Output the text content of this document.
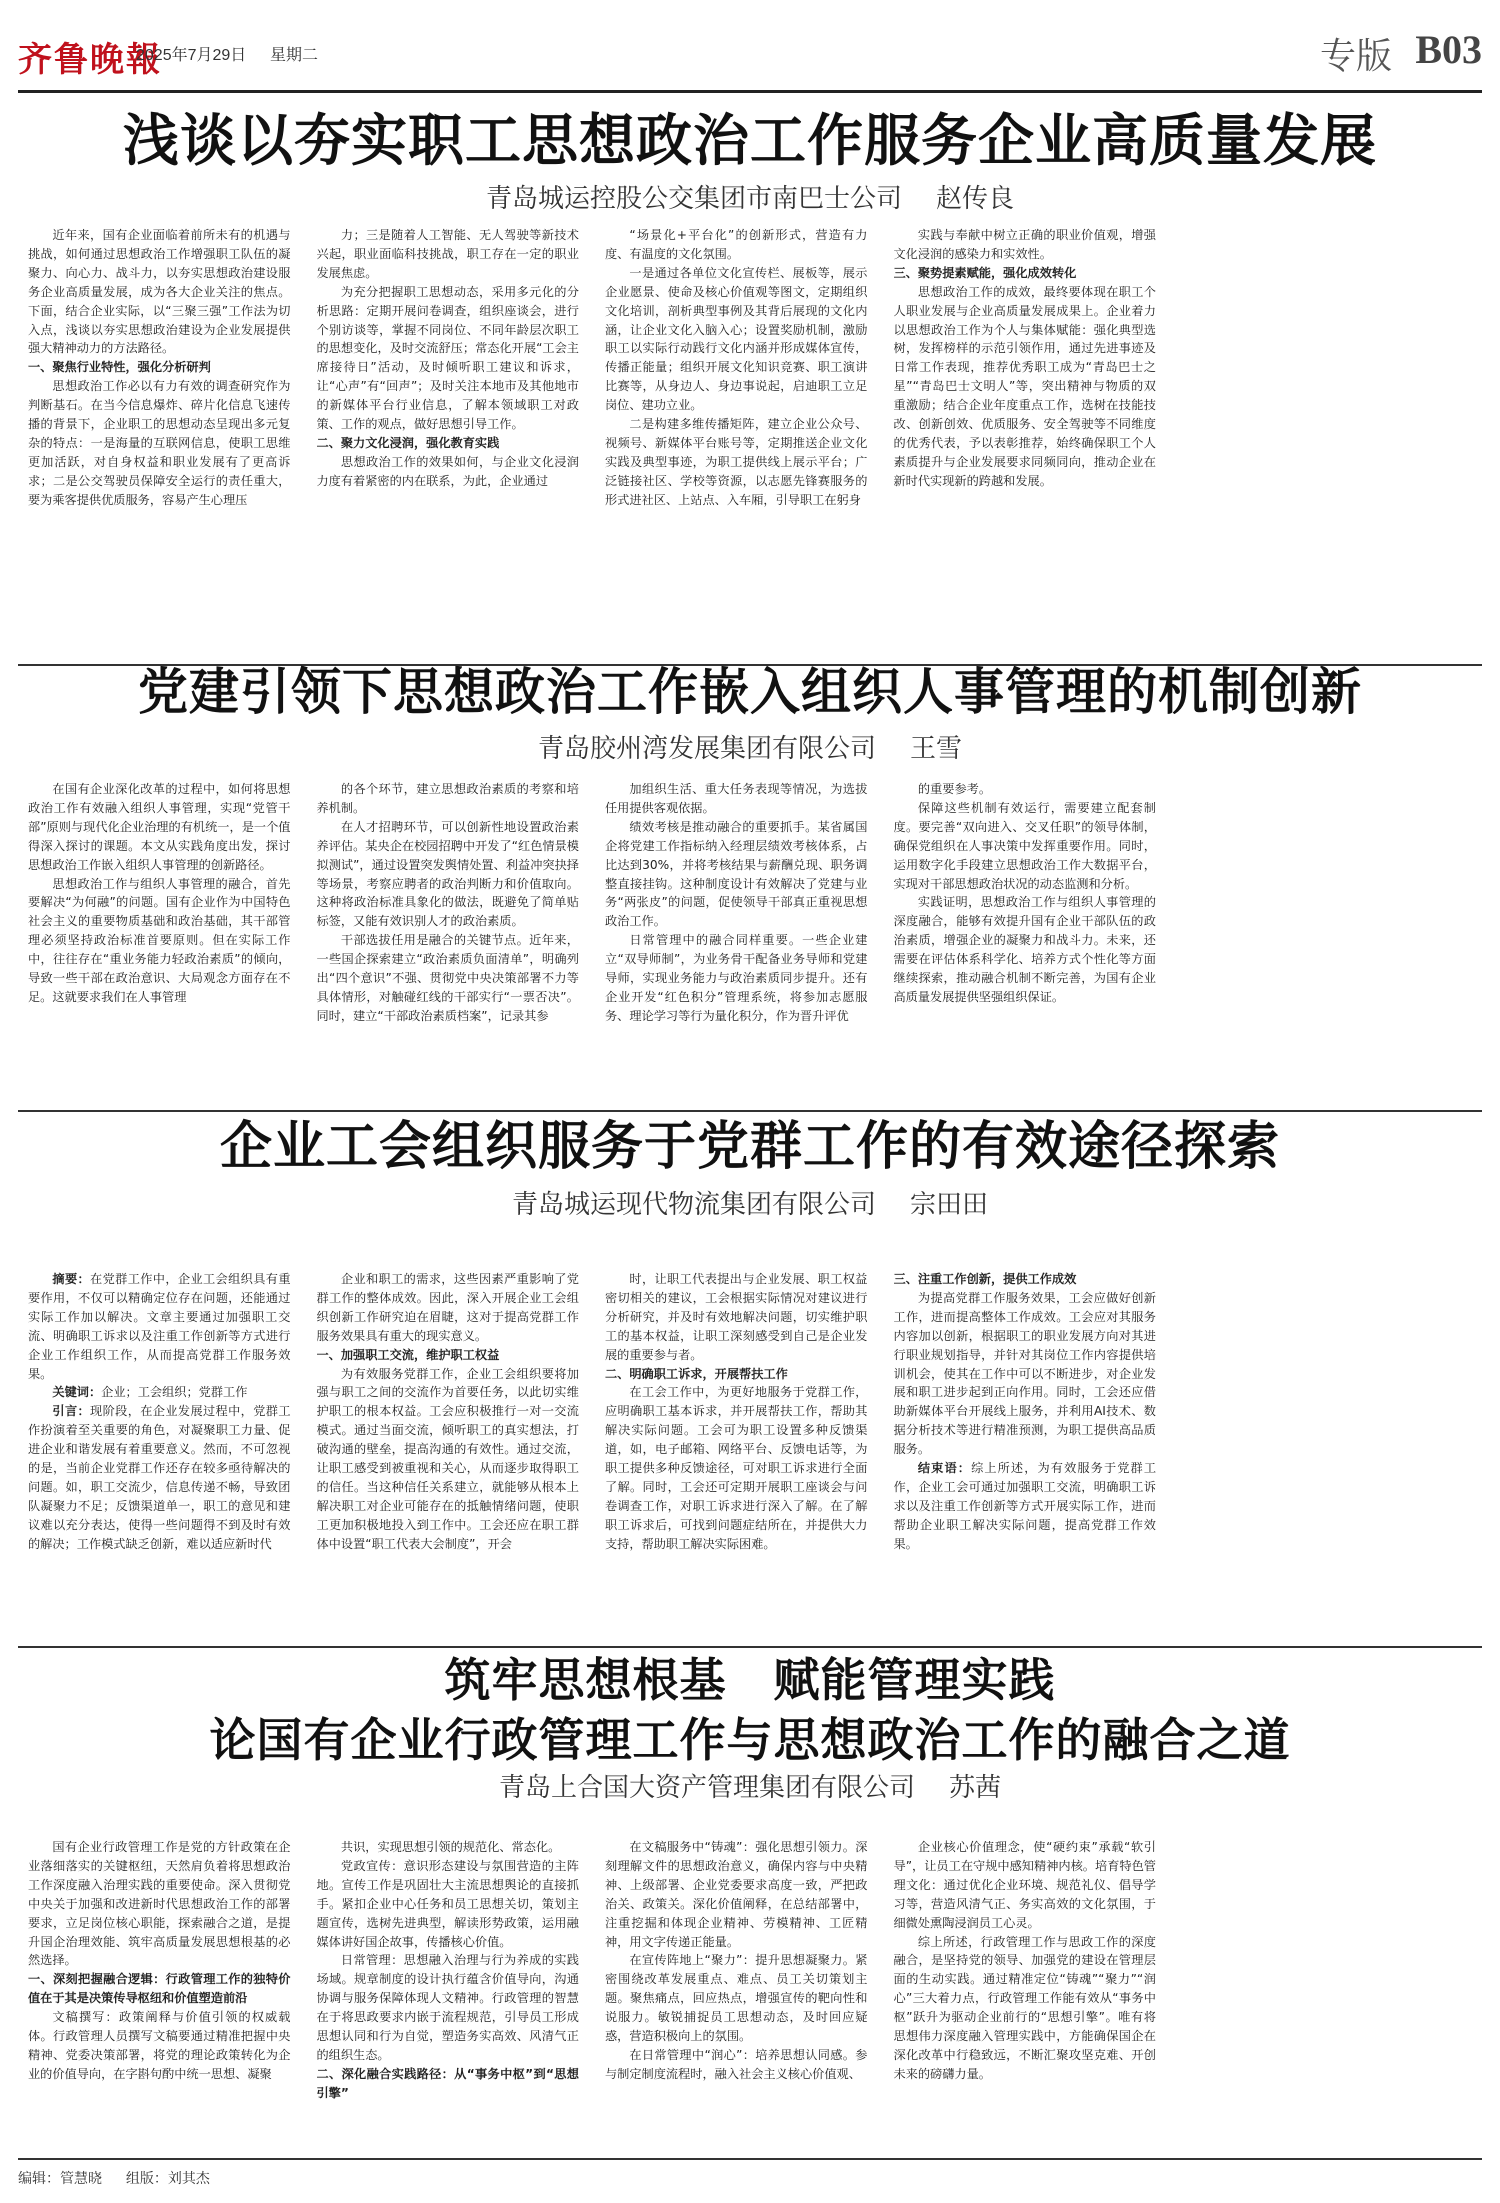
齐鲁晚報
2025年7月29日 星期二	专版 B03
浅谈以夯实职工思想政治工作服务企业高质量发展
青岛城运控股公交集团市南巴士公司 赵传良

近年来，国有企业面临着前所未有的机遇与挑战，如何通过思想政治工作增强职工队伍的凝聚力、向心力、战斗力，以夯实思想政治建设服务企业高质量发展，成为各大企业关注的焦点。下面，结合企业实际，以“三聚三强”工作法为切入点，浅谈以夯实思想政治建设为企业发展提供强大精神动力的方法路径。

一、聚焦行业特性，强化分析研判

思想政治工作必以有力有效的调查研究作为判断基石。在当今信息爆炸、碎片化信息飞速传播的背景下，企业职工的思想动态呈现出多元复杂的特点：一是海量的互联网信息，使职工思维更加活跃，对自身权益和职业发展有了更高诉求；二是公交驾驶员保障安全运行的责任重大，要为乘客提供优质服务，容易产生心理压

力；三是随着人工智能、无人驾驶等新技术兴起，职业面临科技挑战，职工存在一定的职业发展焦虑。

为充分把握职工思想动态，采用多元化的分析思路：定期开展问卷调查，组织座谈会，进行个别访谈等，掌握不同岗位、不同年龄层次职工的思想变化，及时交流舒压；常态化开展“工会主席接待日”活动，及时倾听职工建议和诉求，让“心声”有“回声”；及时关注本地市及其他地市的新媒体平台行业信息，了解本领域职工对政策、工作的观点，做好思想引导工作。

二、聚力文化浸润，强化教育实践

思想政治工作的效果如何，与企业文化浸润力度有着紧密的内在联系，为此，企业通过

“场景化+平台化”的创新形式，营造有力度、有温度的文化氛围。

一是通过各单位文化宣传栏、展板等，展示企业愿景、使命及核心价值观等图文，定期组织文化培训，剖析典型事例及其背后展现的文化内涵，让企业文化入脑入心；设置奖励机制，激励职工以实际行动践行文化内涵并形成媒体宣传，传播正能量；组织开展文化知识竞赛、职工演讲比赛等，从身边人、身边事说起，启迪职工立足岗位、建功立业。

二是构建多维传播矩阵，建立企业公众号、视频号、新媒体平台账号等，定期推送企业文化实践及典型事迹，为职工提供线上展示平台；广泛链接社区、学校等资源，以志愿先锋赛服务的形式进社区、上站点、入车厢，引导职工在躬身

实践与奉献中树立正确的职业价值观，增强文化浸润的感染力和实效性。

三、聚势提素赋能，强化成效转化

思想政治工作的成效，最终要体现在职工个人职业发展与企业高质量发展成果上。企业着力以思想政治工作为个人与集体赋能：强化典型选树，发挥榜样的示范引领作用，通过先进事迹及日常工作表现，推荐优秀职工成为“青岛巴士之星”“青岛巴士文明人”等，突出精神与物质的双重激励；结合企业年度重点工作，选树在技能技改、创新创效、优质服务、安全驾驶等不同维度的优秀代表，予以表彰推荐，始终确保职工个人素质提升与企业发展要求同频同向，推动企业在新时代实现新的跨越和发展。

党建引领下思想政治工作嵌入组织人事管理的机制创新
青岛胶州湾发展集团有限公司 王雪

在国有企业深化改革的过程中，如何将思想政治工作有效融入组织人事管理，实现“党管干部”原则与现代化企业治理的有机统一，是一个值得深入探讨的课题。本文从实践角度出发，探讨思想政治工作嵌入组织人事管理的创新路径。

思想政治工作与组织人事管理的融合，首先要解决“为何融”的问题。国有企业作为中国特色社会主义的重要物质基础和政治基础，其干部管理必须坚持政治标准首要原则。但在实际工作中，往往存在“重业务能力轻政治素质”的倾向，导致一些干部在政治意识、大局观念方面存在不足。这就要求我们在人事管理

的各个环节，建立思想政治素质的考察和培养机制。

在人才招聘环节，可以创新性地设置政治素养评估。某央企在校园招聘中开发了“红色情景模拟测试”，通过设置突发舆情处置、利益冲突抉择等场景，考察应聘者的政治判断力和价值取向。这种将政治标准具象化的做法，既避免了简单贴标签，又能有效识别人才的政治素质。

干部选拔任用是融合的关键节点。近年来，一些国企探索建立“政治素质负面清单”，明确列出“四个意识”不强、贯彻党中央决策部署不力等具体情形，对触碰红线的干部实行“一票否决”。同时，建立“干部政治素质档案”，记录其参

加组织生活、重大任务表现等情况，为选拔任用提供客观依据。

绩效考核是推动融合的重要抓手。某省属国企将党建工作指标纳入经理层绩效考核体系，占比达到30%，并将考核结果与薪酬兑现、职务调整直接挂钩。这种制度设计有效解决了党建与业务“两张皮”的问题，促使领导干部真正重视思想政治工作。

日常管理中的融合同样重要。一些企业建立“双导师制”，为业务骨干配备业务导师和党建导师，实现业务能力与政治素质同步提升。还有企业开发“红色积分”管理系统，将参加志愿服务、理论学习等行为量化积分，作为晋升评优

的重要参考。

保障这些机制有效运行，需要建立配套制度。要完善“双向进入、交叉任职”的领导体制，确保党组织在人事决策中发挥重要作用。同时，运用数字化手段建立思想政治工作大数据平台，实现对干部思想政治状况的动态监测和分析。

实践证明，思想政治工作与组织人事管理的深度融合，能够有效提升国有企业干部队伍的政治素质，增强企业的凝聚力和战斗力。未来，还需要在评估体系科学化、培养方式个性化等方面继续探索，推动融合机制不断完善，为国有企业高质量发展提供坚强组织保证。

企业工会组织服务于党群工作的有效途径探索
青岛城运现代物流集团有限公司 宗田田

摘要：在党群工作中，企业工会组织具有重要作用，不仅可以精确定位存在问题，还能通过实际工作加以解决。文章主要通过加强职工交流、明确职工诉求以及注重工作创新等方式进行企业工作组织工作，从而提高党群工作服务效果。

关键词：企业；工会组织；党群工作

引言：现阶段，在企业发展过程中，党群工作扮演着至关重要的角色，对凝聚职工力量、促进企业和谐发展有着重要意义。然而，不可忽视的是，当前企业党群工作还存在较多亟待解决的问题。如，职工交流少，信息传递不畅，导致团队凝聚力不足；反馈渠道单一，职工的意见和建议难以充分表达，使得一些问题得不到及时有效的解决；工作模式缺乏创新，难以适应新时代

企业和职工的需求，这些因素严重影响了党群工作的整体成效。因此，深入开展企业工会组织创新工作研究迫在眉睫，这对于提高党群工作服务效果具有重大的现实意义。

一、加强职工交流，维护职工权益

为有效服务党群工作，企业工会组织要将加强与职工之间的交流作为首要任务，以此切实维护职工的根本权益。工会应积极推行一对一交流模式。通过当面交流，倾听职工的真实想法，打破沟通的壁垒，提高沟通的有效性。通过交流，让职工感受到被重视和关心，从而逐步取得职工的信任。当这种信任关系建立，就能够从根本上解决职工对企业可能存在的抵触情绪问题，使职工更加积极地投入到工作中。工会还应在职工群体中设置“职工代表大会制度”，开会

时，让职工代表提出与企业发展、职工权益密切相关的建议，工会根据实际情况对建议进行分析研究，并及时有效地解决问题，切实维护职工的基本权益，让职工深刻感受到自己是企业发展的重要参与者。

二、明确职工诉求，开展帮扶工作

在工会工作中，为更好地服务于党群工作，应明确职工基本诉求，并开展帮扶工作，帮助其解决实际问题。工会可为职工设置多种反馈渠道，如，电子邮箱、网络平台、反馈电话等，为职工提供多种反馈途径，可对职工诉求进行全面了解。同时，工会还可定期开展职工座谈会与问卷调查工作，对职工诉求进行深入了解。在了解职工诉求后，可找到问题症结所在，并提供大力支持，帮助职工解决实际困难。

三、注重工作创新，提供工作成效

为提高党群工作服务效果，工会应做好创新工作，进而提高整体工作成效。工会应对其服务内容加以创新，根据职工的职业发展方向对其进行职业规划指导，并针对其岗位工作内容提供培训机会，使其在工作中可以不断进步，对企业发展和职工进步起到正向作用。同时，工会还应借助新媒体平台开展线上服务，并利用AI技术、数据分析技术等进行精准预测，为职工提供高品质服务。

结束语：综上所述，为有效服务于党群工作，企业工会可通过加强职工交流，明确职工诉求以及注重工作创新等方式开展实际工作，进而帮助企业职工解决实际问题，提高党群工作效果。

筑牢思想根基　赋能管理实践
论国有企业行政管理工作与思想政治工作的融合之道
青岛上合国大资产管理集团有限公司 苏茜

国有企业行政管理工作是党的方针政策在企业落细落实的关键枢纽，天然肩负着将思想政治工作深度融入治理实践的重要使命。深入贯彻党中央关于加强和改进新时代思想政治工作的部署要求，立足岗位核心职能，探索融合之道，是提升国企治理效能、筑牢高质量发展思想根基的必然选择。

一、深刻把握融合逻辑：行政管理工作的独特价值在于其是决策传导枢纽和价值塑造前沿

文稿撰写：政策阐释与价值引领的权威载体。行政管理人员撰写文稿要通过精准把握中央精神、党委决策部署，将党的理论政策转化为企业的价值导向，在字斟句酌中统一思想、凝聚

共识，实现思想引领的规范化、常态化。

党政宣传：意识形态建设与氛围营造的主阵地。宣传工作是巩固壮大主流思想舆论的直接抓手。紧扣企业中心任务和员工思想关切，策划主题宣传，选树先进典型，解读形势政策，运用融媒体讲好国企故事，传播核心价值。

日常管理：思想融入治理与行为养成的实践场域。规章制度的设计执行蕴含价值导向，沟通协调与服务保障体现人文精神。行政管理的智慧在于将思政要求内嵌于流程规范，引导员工形成思想认同和行为自觉，塑造务实高效、风清气正的组织生态。

二、深化融合实践路径：从“事务中枢”到“思想引擎”

在文稿服务中“铸魂”：强化思想引领力。深刻理解文件的思想政治意义，确保内容与中央精神、上级部署、企业党委要求高度一致，严把政治关、政策关。深化价值阐释，在总结部署中，注重挖掘和体现企业精神、劳模精神、工匠精神，用文字传递正能量。

在宣传阵地上“聚力”：提升思想凝聚力。紧密围绕改革发展重点、难点、员工关切策划主题。聚焦痛点，回应热点，增强宣传的靶向性和说服力。敏锐捕捉员工思想动态，及时回应疑惑，营造积极向上的氛围。

在日常管理中“润心”：培养思想认同感。参与制定制度流程时，融入社会主义核心价值观、

企业核心价值理念，使“硬约束”承载“软引导”，让员工在守规中感知精神内核。培育特色管理文化：通过优化企业环境、规范礼仪、倡导学习等，营造风清气正、务实高效的文化氛围，于细微处熏陶浸润员工心灵。

综上所述，行政管理工作与思政工作的深度融合，是坚持党的领导、加强党的建设在管理层面的生动实践。通过精准定位“铸魂”“聚力”“润心”三大着力点，行政管理工作能有效从“事务中枢”跃升为驱动企业前行的“思想引擎”。唯有将思想伟力深度融入管理实践中，方能确保国企在深化改革中行稳致远，不断汇聚攻坚克难、开创未来的磅礴力量。

编辑：管慧晓 组版：刘其杰
